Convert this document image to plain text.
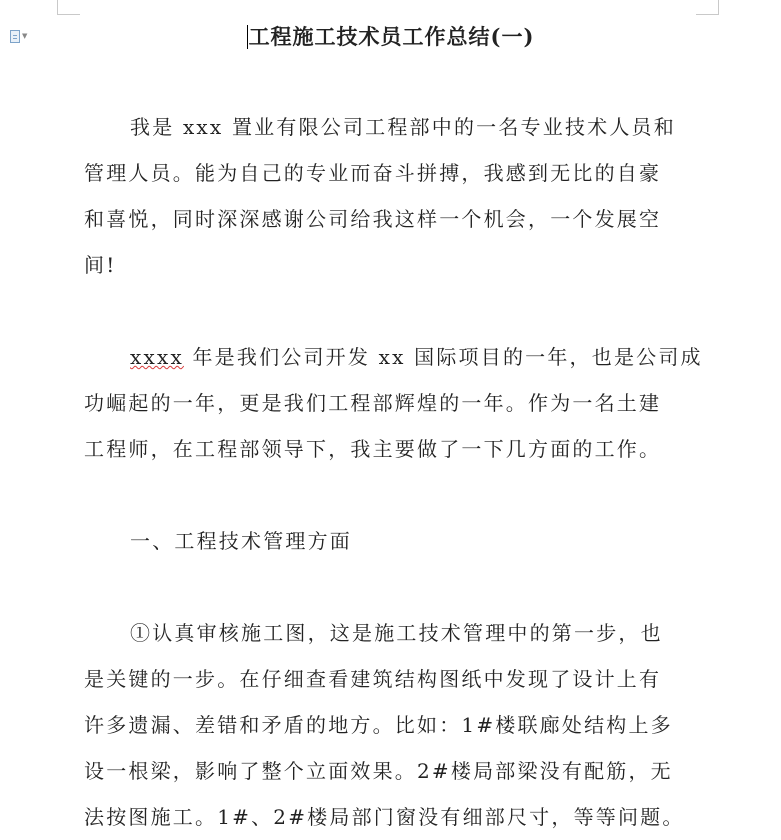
▼	工程施工技术员工作总结(一)
我是 xxx 置业有限公司工程部中的一名专业技术人员和
管理人员。能为自己的专业而奋斗拼搏，我感到无比的自豪
和喜悦，同时深深感谢公司给我这样一个机会，一个发展空
间!
xxxx 年是我们公司开发 xx 国际项目的一年，也是公司成
功崛起的一年，更是我们工程部辉煌的一年。作为一名土建
工程师，在工程部领导下，我主要做了一下几方面的工作。
一、工程技术管理方面
①认真审核施工图，这是施工技术管理中的第一步，也
是关键的一步。在仔细查看建筑结构图纸中发现了设计上有
许多遗漏、差错和矛盾的地方。比如：1#楼联廊处结构上多
设一根梁，影响了整个立面效果。2#楼局部梁没有配筋，无
法按图施工。1#、2#楼局部门窗没有细部尺寸，等等问题。
